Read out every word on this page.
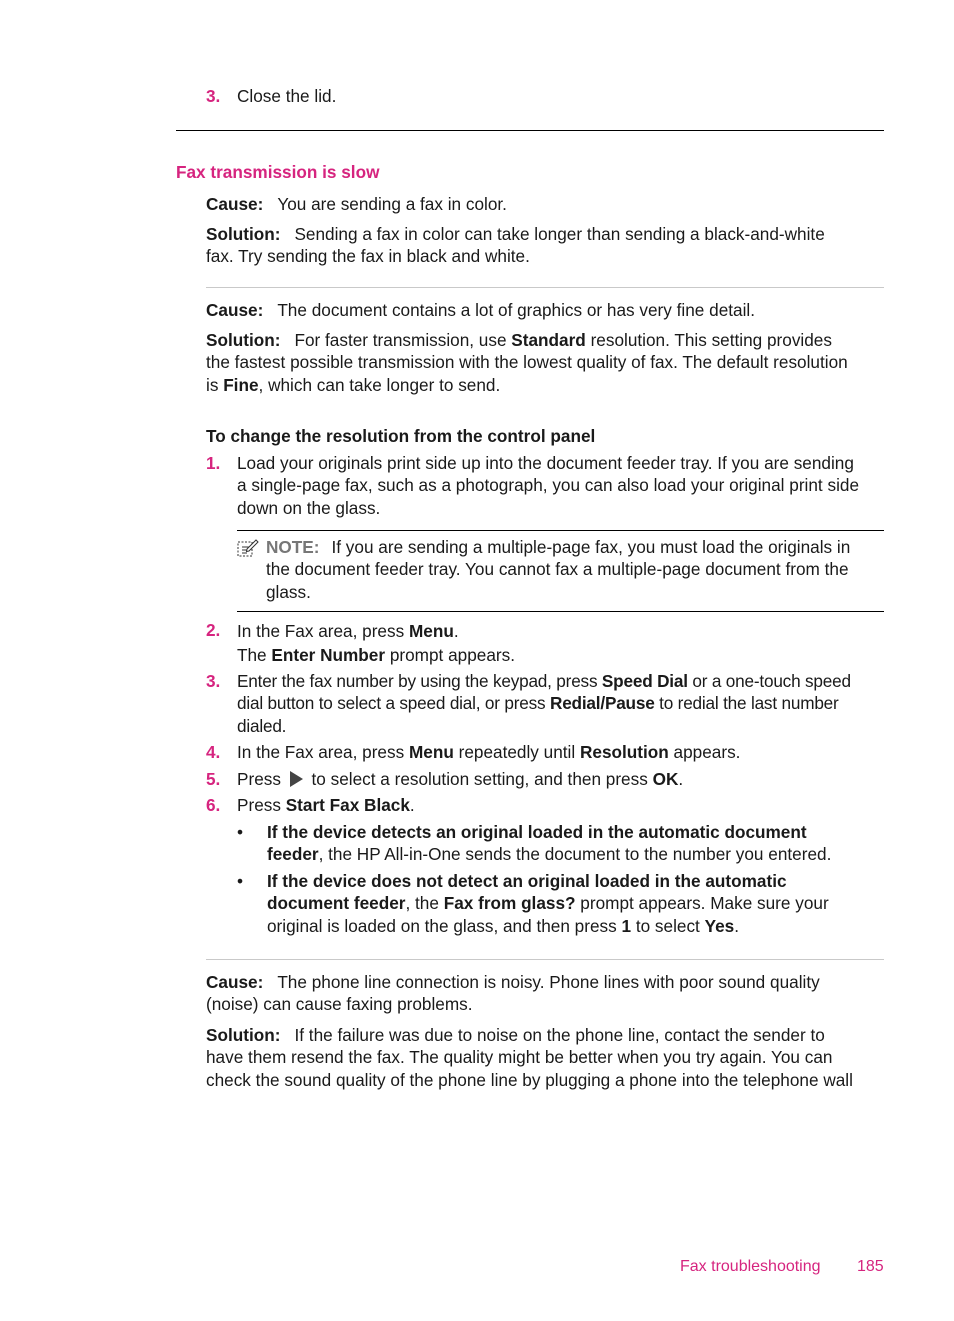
3. Close the lid.
Fax transmission is slow
Cause: You are sending a fax in color.
Solution: Sending a fax in color can take longer than sending a black-and-white
fax. Try sending the fax in black and white.
Cause: The document contains a lot of graphics or has very fine detail.
Solution: For faster transmission, use Standard resolution. This setting provides
the fastest possible transmission with the lowest quality of fax. The default resolution
is Fine, which can take longer to send.
To change the resolution from the control panel
1. Load your originals print side up into the document feeder tray. If you are sending
a single-page fax, such as a photograph, you can also load your original print side
down on the glass.
NOTE: If you are sending a multiple-page fax, you must load the originals in
the document feeder tray. You cannot fax a multiple-page document from the
glass.
2. In the Fax area, press Menu.
The Enter Number prompt appears.
3. Enter the fax number by using the keypad, press Speed Dial or a one-touch speed
dial button to select a speed dial, or press Redial/Pause to redial the last number
dialed.
4. In the Fax area, press Menu repeatedly until Resolution appears.
5. Press  to select a resolution setting, and then press OK.
6. Press Start Fax Black.
• If the device detects an original loaded in the automatic document
feeder, the HP All-in-One sends the document to the number you entered.
• If the device does not detect an original loaded in the automatic
document feeder, the Fax from glass? prompt appears. Make sure your
original is loaded on the glass, and then press 1 to select Yes.
Cause: The phone line connection is noisy. Phone lines with poor sound quality
(noise) can cause faxing problems.
Solution: If the failure was due to noise on the phone line, contact the sender to
have them resend the fax. The quality might be better when you try again. You can
check the sound quality of the phone line by plugging a phone into the telephone wall
Fax troubleshooting 185
